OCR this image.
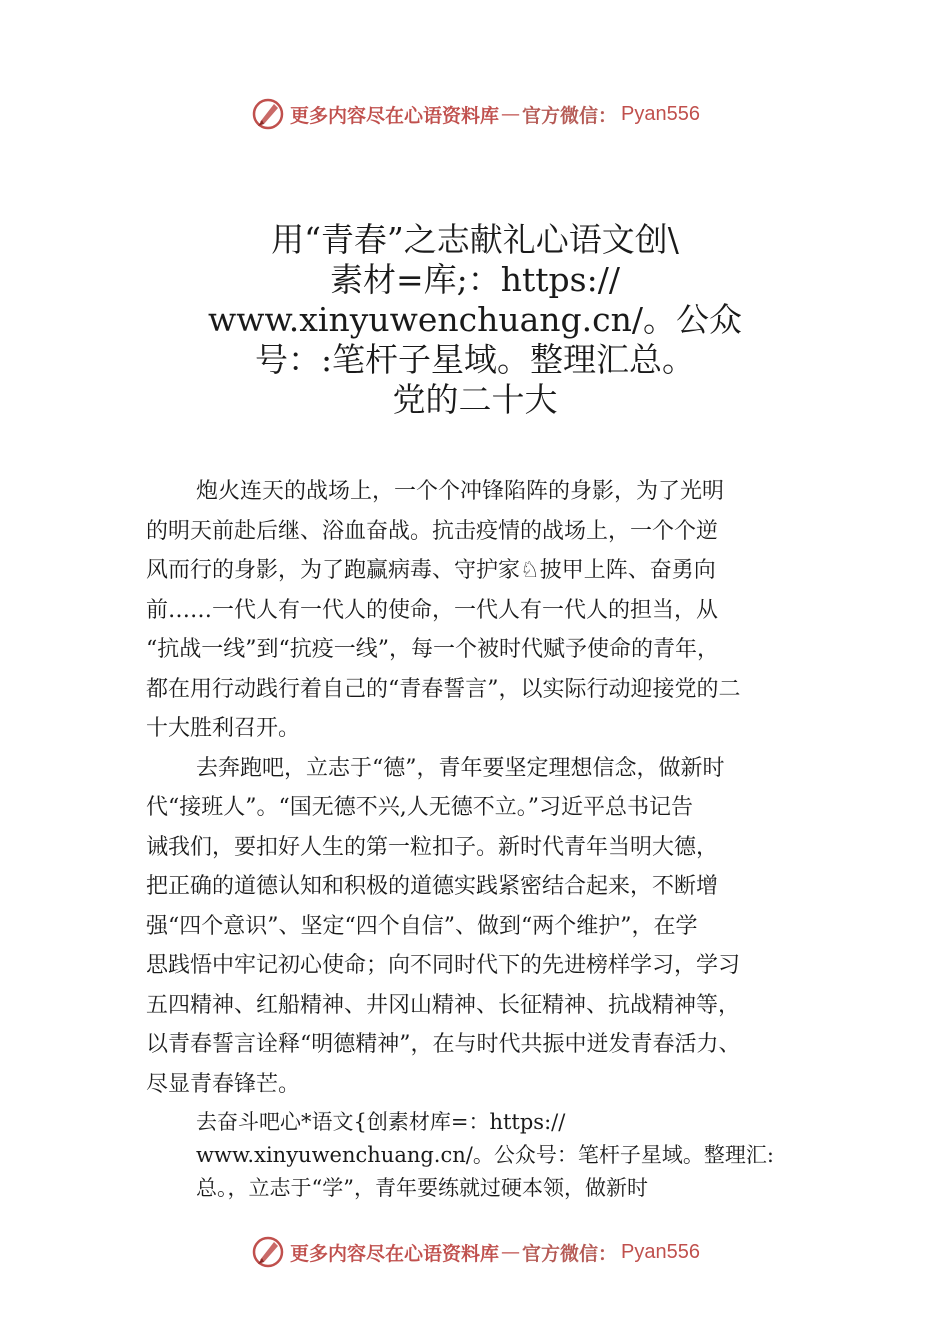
更多内容尽在心语资料库 — 官方微信： Pyan556
用“青春”之志献礼心语文创\
素材=库;：https://
www.xinyuwenchuang.cn/。公众
号：:笔杆子星域。整理汇总。
党的二十大

炮火连天的战场上，一个个冲锋陷阵的身影，为了光明
的明天前赴后继、浴血奋战。抗击疫情的战场上，一个个逆
风而行的身影，为了跑赢病毒、守护家♘披甲上阵、奋勇向
前……一代人有一代人的使命，一代人有一代人的担当，从
“抗战一线”到“抗疫一线”，每一个被时代赋予使命的青年，
都在用行动践行着自己的“青春誓言”，以实际行动迎接党的二
十大胜利召开。

去奔跑吧，立志于“德”，青年要坚定理想信念，做新时
代“接班人”。“国无德不兴,人无德不立。”习近平总书记告
诫我们，要扣好人生的第一粒扣子。新时代青年当明大德，
把正确的道德认知和积极的道德实践紧密结合起来，不断增
强“四个意识”、坚定“四个自信”、做到“两个维护”，在学
思践悟中牢记初心使命；向不同时代下的先进榜样学习，学习
五四精神、红船精神、井冈山精神、长征精神、抗战精神等，
以青春誓言诠释“明德精神”，在与时代共振中迸发青春活力、
尽显青春锋芒。

去奋斗吧心*语文{创素材库=：https://
www.xinyuwenchuang.cn/。公众号：笔杆子星域。整理汇:
总。，立志于“学”，青年要练就过硬本领，做新时
更多内容尽在心语资料库 — 官方微信： Pyan556
